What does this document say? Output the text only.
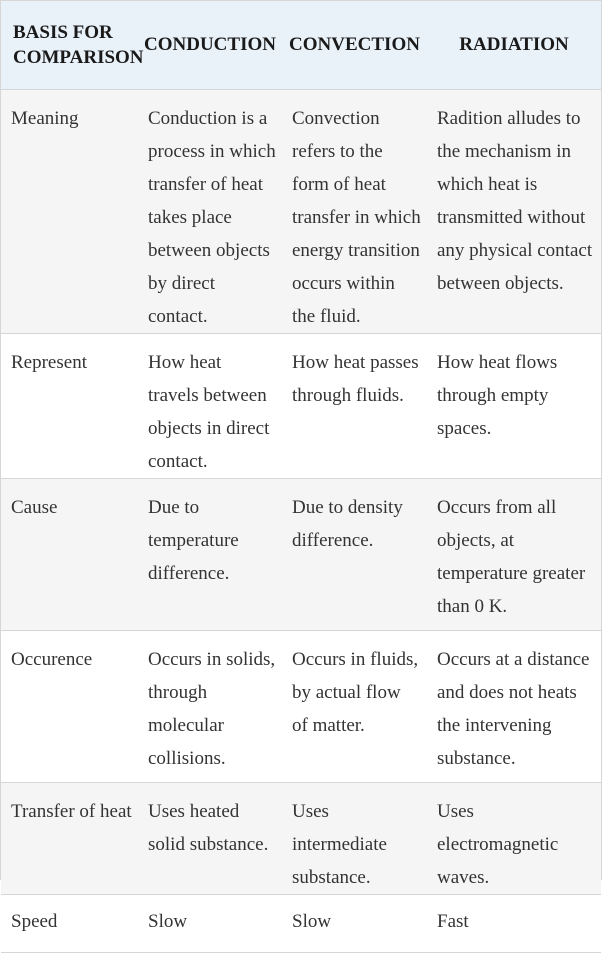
BASIS FOR COMPARISON	CONDUCTION	CONVECTION	RADIATION
Meaning	Conduction is a process in which transfer of heat takes place between objects by direct contact.	Convection refers to the form of heat transfer in which energy transition occurs within the fluid.	Radition alludes to the mechanism in which heat is transmitted without any physical contact between objects.
Represent	How heat travels between objects in direct contact.	How heat passes through fluids.	How heat flows through empty spaces.
Cause	Due to temperature difference.	Due to density difference.	Occurs from all objects, at temperature greater than 0 K.
Occurence	Occurs in solids, through molecular collisions.	Occurs in fluids, by actual flow of matter.	Occurs at a distance and does not heats the intervening substance.
Transfer of heat	Uses heated solid substance.	Uses intermediate substance.	Uses electromagnetic waves.
Speed	Slow	Slow	Fast
